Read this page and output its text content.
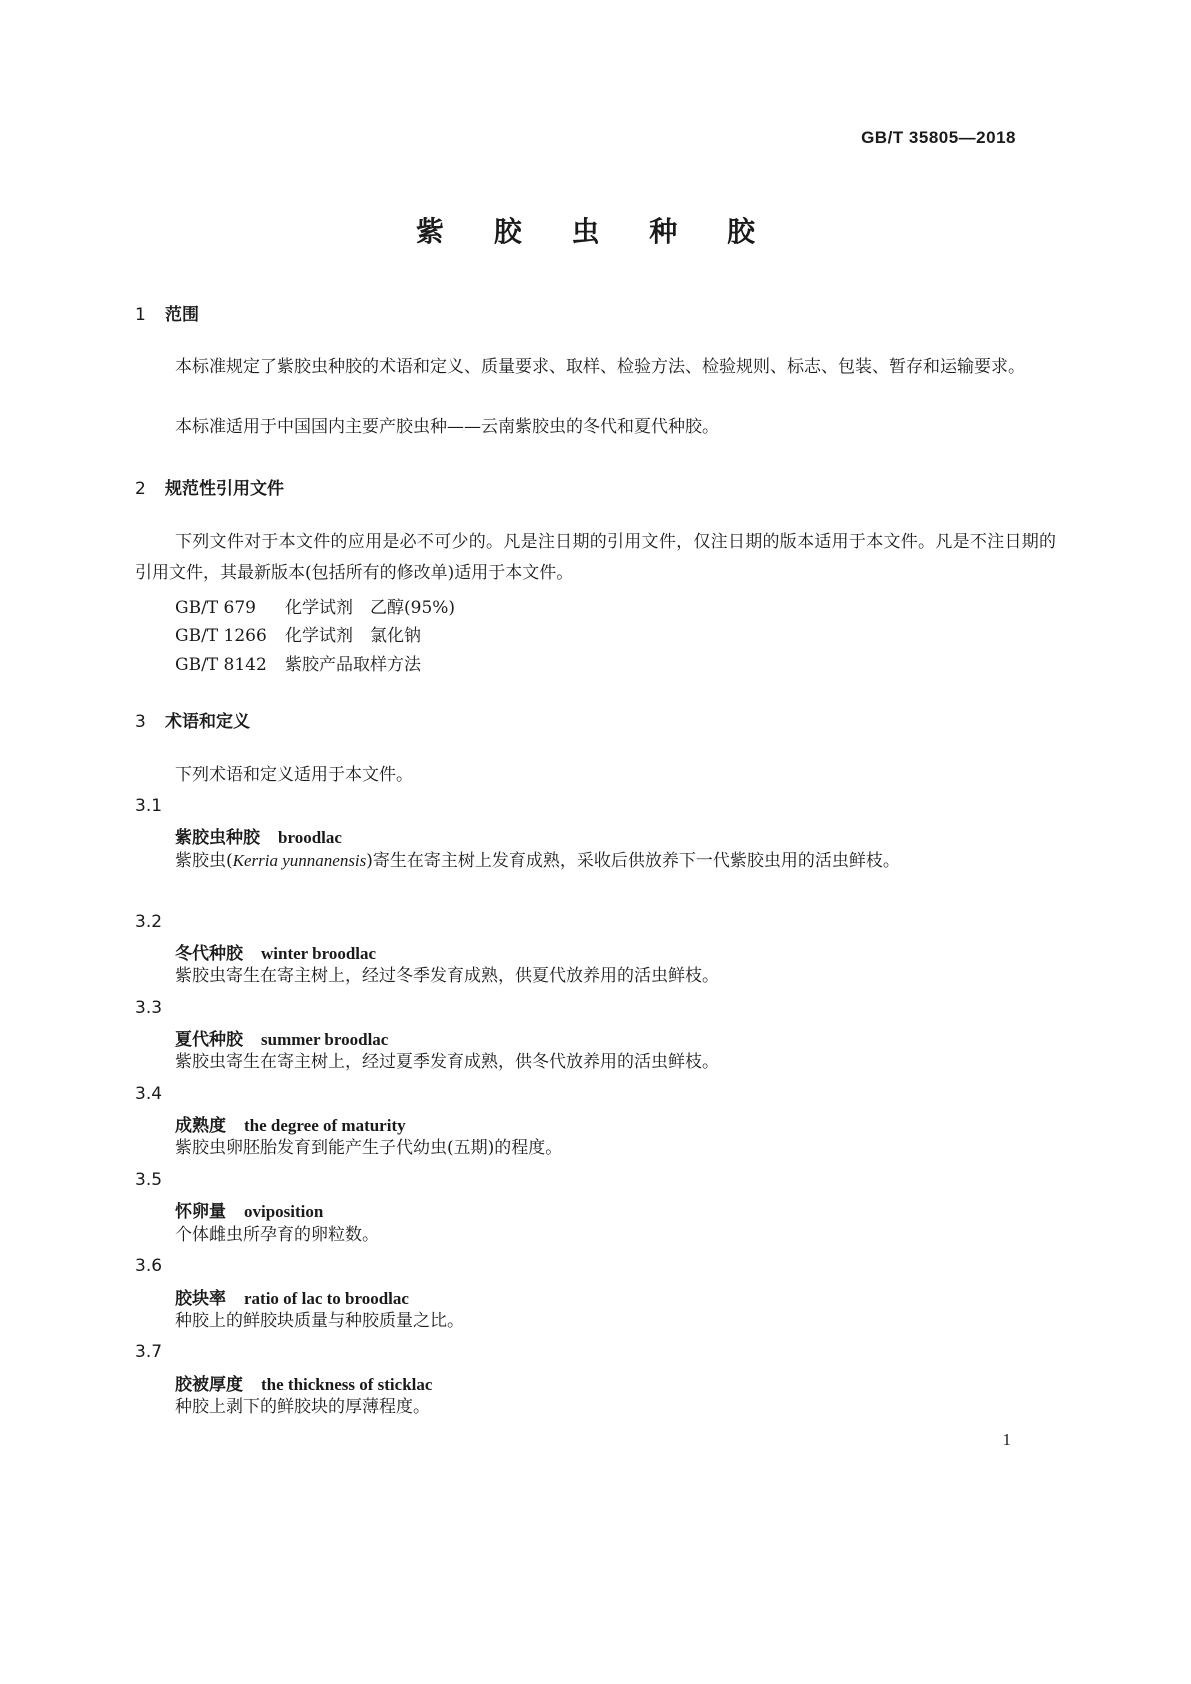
GB/T 35805—2018
紫 胶 虫 种 胶
1 范围
本标准规定了紫胶虫种胶的术语和定义、质量要求、取样、检验方法、检验规则、标志、包装、暂存和运输要求。
本标准适用于中国国内主要产胶虫种——云南紫胶虫的冬代和夏代种胶。
2 规范性引用文件
下列文件对于本文件的应用是必不可少的。凡是注日期的引用文件，仅注日期的版本适用于本文件。凡是不注日期的引用文件，其最新版本(包括所有的修改单)适用于本文件。
GB/T 679 化学试剂　乙醇(95%)
GB/T 1266 化学试剂　氯化钠
GB/T 8142 紫胶产品取样方法
3 术语和定义
下列术语和定义适用于本文件。
3.1
紫胶虫种胶 broodlac
紫胶虫(Kerria yunnanensis)寄生在寄主树上发育成熟，采收后供放养下一代紫胶虫用的活虫鲜枝。
3.2
冬代种胶 winter broodlac
紫胶虫寄生在寄主树上，经过冬季发育成熟，供夏代放养用的活虫鲜枝。
3.3
夏代种胶 summer broodlac
紫胶虫寄生在寄主树上，经过夏季发育成熟，供冬代放养用的活虫鲜枝。
3.4
成熟度 the degree of maturity
紫胶虫卵胚胎发育到能产生子代幼虫(五期)的程度。
3.5
怀卵量 oviposition
个体雌虫所孕育的卵粒数。
3.6
胶块率 ratio of lac to broodlac
种胶上的鲜胶块质量与种胶质量之比。
3.7
胶被厚度 the thickness of sticklac
种胶上剥下的鲜胶块的厚薄程度。
1
